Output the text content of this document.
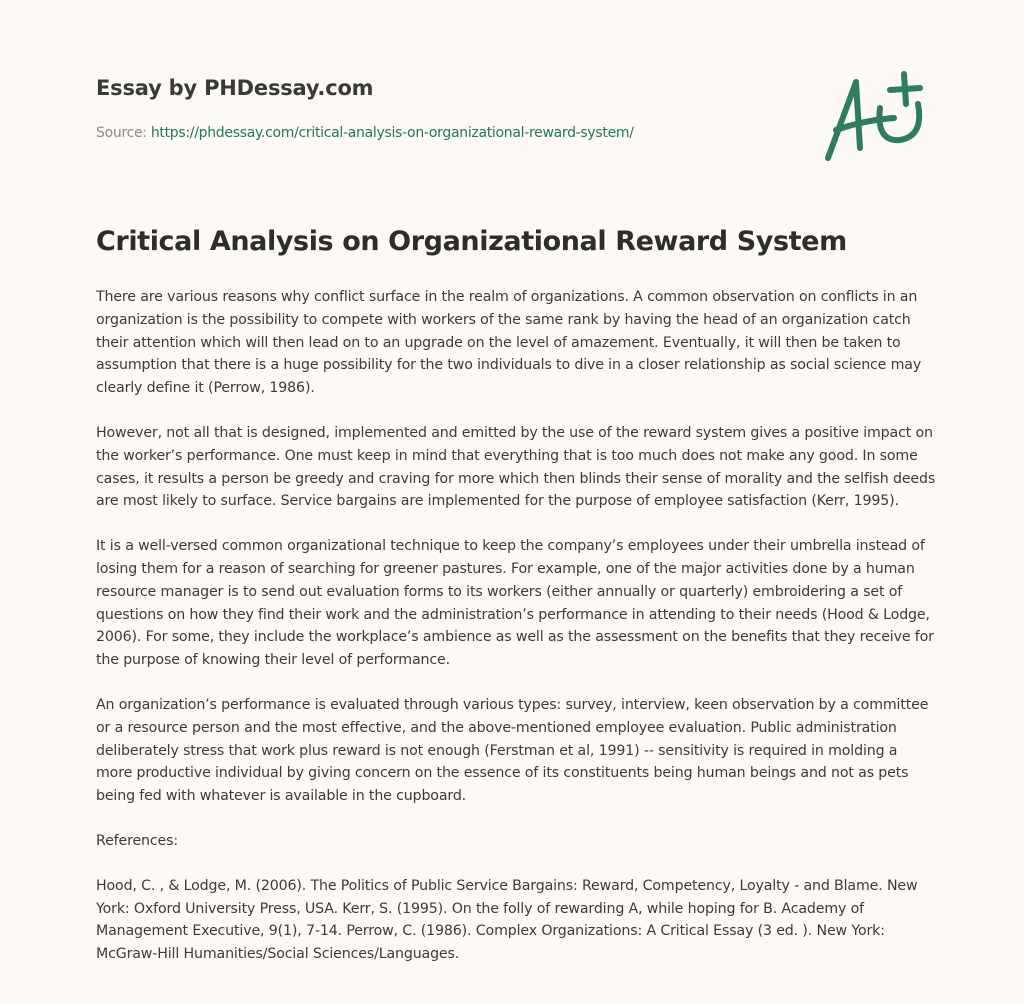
Essay by PHDessay.com
Source: https://phdessay.com/critical-analysis-on-organizational-reward-system/
Critical Analysis on Organizational Reward System

There are various reasons why conflict surface in the realm of organizations. A common observation on conflicts in an organization is the possibility to compete with workers of the same rank by having the head of an organization catch their attention which will then lead on to an upgrade on the level of amazement. Eventually, it will then be taken to assumption that there is a huge possibility for the two individuals to dive in a closer relationship as social science may clearly define it (Perrow, 1986).

However, not all that is designed, implemented and emitted by the use of the reward system gives a positive impact on the worker’s performance. One must keep in mind that everything that is too much does not make any good. In some cases, it results a person be greedy and craving for more which then blinds their sense of morality and the selfish deeds are most likely to surface. Service bargains are implemented for the purpose of employee satisfaction (Kerr, 1995).

It is a well-versed common organizational technique to keep the company’s employees under their umbrella instead of losing them for a reason of searching for greener pastures. For example, one of the major activities done by a human resource manager is to send out evaluation forms to its workers (either annually or quarterly) embroidering a set of questions on how they find their work and the administration’s performance in attending to their needs (Hood & Lodge, 2006). For some, they include the workplace’s ambience as well as the assessment on the benefits that they receive for the purpose of knowing their level of performance.

An organization’s performance is evaluated through various types: survey, interview, keen observation by a committee or a resource person and the most effective, and the above-mentioned employee evaluation. Public administration deliberately stress that work plus reward is not enough (Ferstman et al, 1991) -- sensitivity is required in molding a more productive individual by giving concern on the essence of its constituents being human beings and not as pets being fed with whatever is available in the cupboard.

References:

Hood, C. , & Lodge, M. (2006). The Politics of Public Service Bargains: Reward, Competency, Loyalty - and Blame. New York: Oxford University Press, USA. Kerr, S. (1995). On the folly of rewarding A, while hoping for B. Academy of Management Executive, 9(1), 7-14. Perrow, C. (1986). Complex Organizations: A Critical Essay (3 ed. ). New York: McGraw-Hill Humanities/Social Sciences/Languages.
